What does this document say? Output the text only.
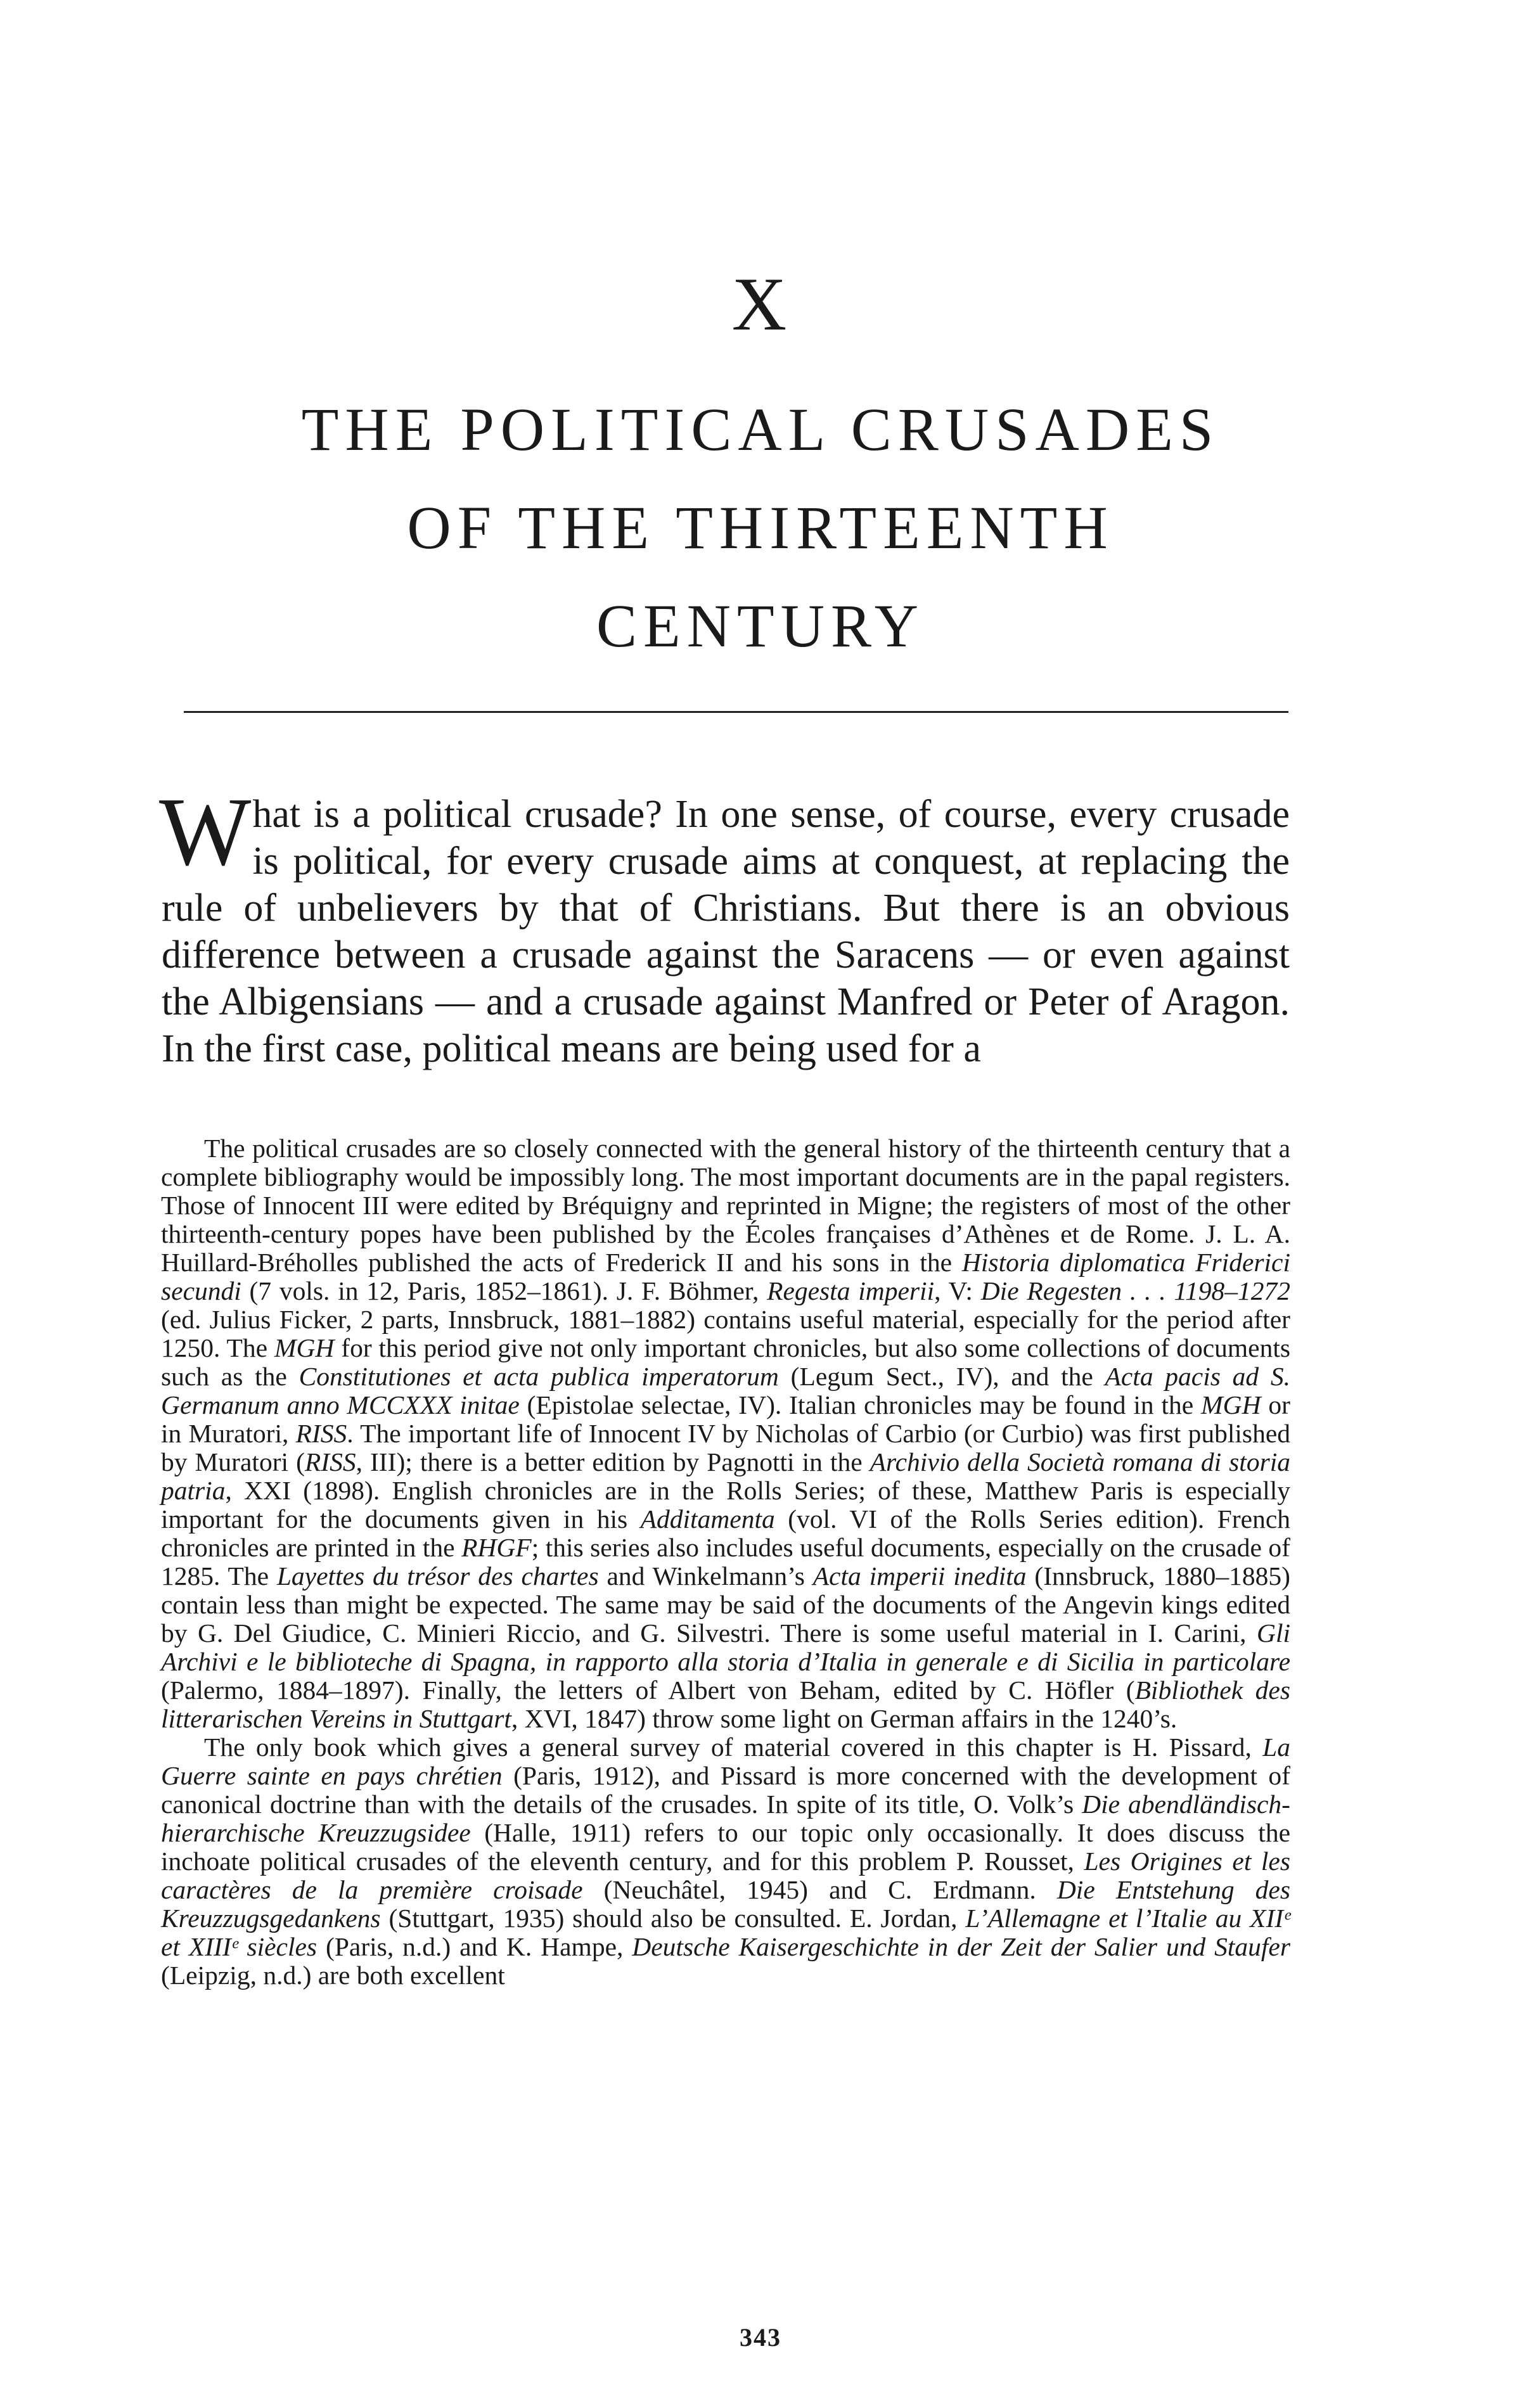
X
THE POLITICAL CRUSADES
OF THE THIRTEENTH
CENTURY

What is a political crusade? In one sense, of course, every crusade is political, for every crusade aims at conquest, at replacing the rule of unbelievers by that of Christians. But there is an obvious difference between a crusade against the Saracens — or even against the Albigensians — and a crusade against Manfred or Peter of Aragon. In the first case, political means are being used for a

The political crusades are so closely connected with the general history of the thirteenth century that a complete bibliography would be impossibly long. The most important documents are in the papal registers. Those of Innocent III were edited by Bréquigny and reprinted in Migne; the registers of most of the other thirteenth-century popes have been published by the Écoles françaises d’Athènes et de Rome. J. L. A. Huillard-Bréholles published the acts of Frederick II and his sons in the Historia diplomatica Friderici secundi (7 vols. in 12, Paris, 1852–1861). J. F. Böhmer, Regesta imperii, V: Die Regesten . . . 1198–1272 (ed. Julius Ficker, 2 parts, Innsbruck, 1881–1882) contains useful material, especially for the period after 1250. The MGH for this period give not only important chronicles, but also some collections of documents such as the Constitutiones et acta publica imperatorum (Legum Sect., IV), and the Acta pacis ad S. Germanum anno MCCXXX initae (Epistolae selectae, IV). Italian chronicles may be found in the MGH or in Muratori, RISS. The important life of Innocent IV by Nicholas of Carbio (or Curbio) was first published by Muratori (RISS, III); there is a better edition by Pagnotti in the Archivio della Società romana di storia patria, XXI (1898). English chronicles are in the Rolls Series; of these, Matthew Paris is especially important for the documents given in his Additamenta (vol. VI of the Rolls Series edition). French chronicles are printed in the RHGF; this series also includes useful documents, especially on the crusade of 1285. The Layettes du trésor des chartes and Winkelmann’s Acta imperii inedita (Innsbruck, 1880–1885) contain less than might be expected. The same may be said of the documents of the Angevin kings edited by G. Del Giudice, C. Minieri Riccio, and G. Silvestri. There is some useful material in I. Carini, Gli Archivi e le biblioteche di Spagna, in rapporto alla storia d’Italia in generale e di Sicilia in particolare (Palermo, 1884–1897). Finally, the letters of Albert von Beham, edited by C. Höfler (Bibliothek des litterarischen Vereins in Stuttgart, XVI, 1847) throw some light on German affairs in the 1240’s.

The only book which gives a general survey of material covered in this chapter is H. Pissard, La Guerre sainte en pays chrétien (Paris, 1912), and Pissard is more concerned with the development of canonical doctrine than with the details of the crusades. In spite of its title, O. Volk’s Die abendländisch-hierarchische Kreuzzugsidee (Halle, 1911) refers to our topic only occasionally. It does discuss the inchoate political crusades of the eleventh century, and for this problem P. Rousset, Les Origines et les caractères de la première croisade (Neuchâtel, 1945) and C. Erdmann. Die Entstehung des Kreuzzugsgedankens (Stuttgart, 1935) should also be consulted. E. Jordan, L’Allemagne et l’Italie au XIIᵉ et XIIIᵉ siècles (Paris, n.d.) and K. Hampe, Deutsche Kaisergeschichte in der Zeit der Salier und Staufer (Leipzig, n.d.) are both excellent

343
